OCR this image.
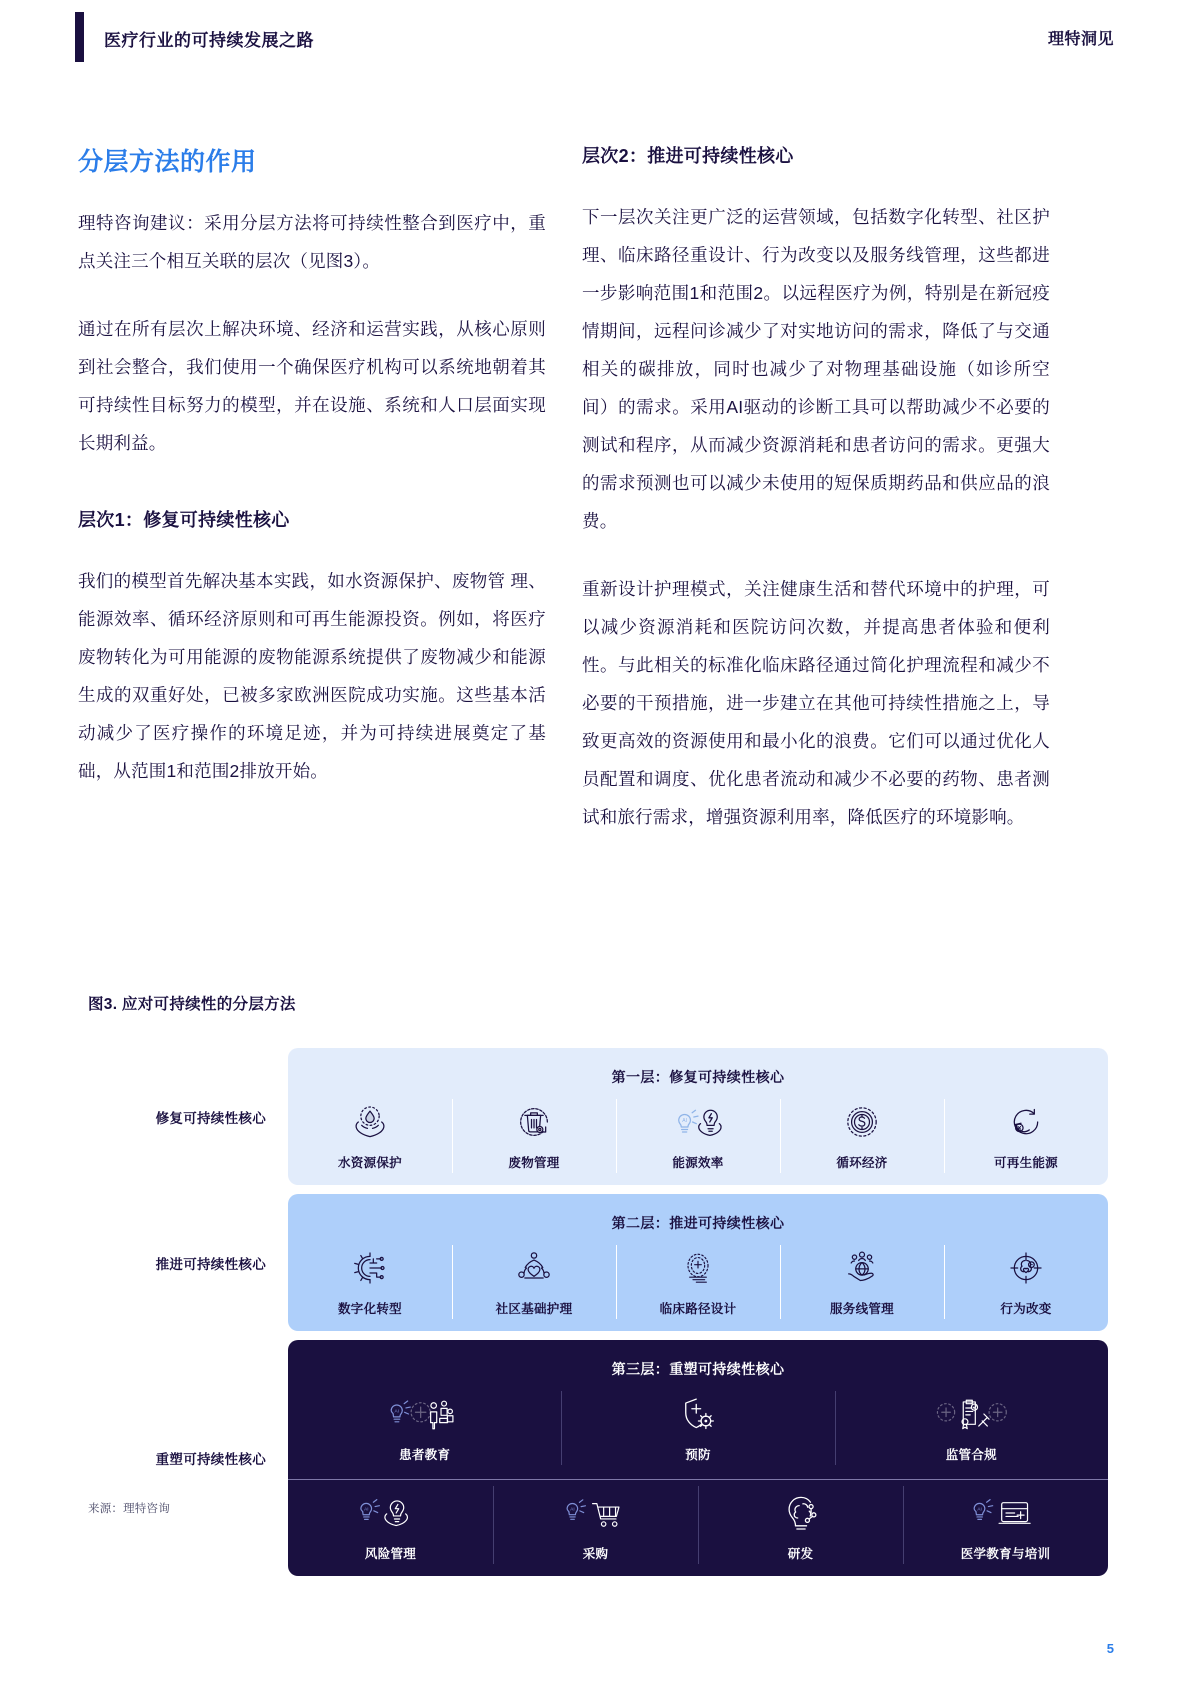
医疗行业的可持续发展之路	理特洞见
分层方法的作用

理特咨询建议：采用分层方法将可持续性整合到医疗中，重点关注三个相互关联的层次（见图3）。

通过在所有层次上解决环境、经济和运营实践，从核心原则到社会整合，我们使用一个确保医疗机构可以系统地朝着其可持续性目标努力的模型，并在设施、系统和人口层面实现长期利益。

层次1：修复可持续性核心

我们的模型首先解决基本实践，如水资源保护、废物管 理、能源效率、循环经济原则和可再生能源投资。例如，将医疗废物转化为可用能源的废物能源系统提供了废物减少和能源生成的双重好处，已被多家欧洲医院成功实施。这些基本活动减少了医疗操作的环境足迹，并为可持续进展奠定了基础，从范围1和范围2排放开始。

层次2：推进可持续性核心

下一层次关注更广泛的运营领域，包括数字化转型、社区护理、临床路径重设计、行为改变以及服务线管理，这些都进一步影响范围1和范围2。以远程医疗为例，特别是在新冠疫情期间，远程问诊减少了对实地访问的需求，降低了与交通相关的碳排放，同时也减少了对物理基础设施（如诊所空间）的需求。采用AI驱动的诊断工具可以帮助减少不必要的测试和程序，从而减少资源消耗和患者访问的需求。更强大的需求预测也可以减少未使用的短保质期药品和供应品的浪费。

重新设计护理模式，关注健康生活和替代环境中的护理，可以减少资源消耗和医院访问次数，并提高患者体验和便利性。与此相关的标准化临床路径通过简化护理流程和减少不必要的干预措施，进一步建立在其他可持续性措施之上，导致更高效的资源使用和最小化的浪费。它们可以通过优化人员配置和调度、优化患者流动和减少不必要的药物、患者测试和旅行需求，增强资源利用率，降低医疗的环境影响。

图3. 应对可持续性的分层方法
修复可持续性核心
第一层：修复可持续性核心
水资源保护	废物管理
AI
能源效率	循环经济	可再生能源
推进可持续性核心
第二层：推进可持续性核心
数字化转型	社区基础护理	临床路径设计	服务线管理	行为改变
重塑可持续性核心
第三层：重塑可持续性核心
AI
患者教育	预防	监管合规
AI
风险管理
AI
采购	研发
AI
医学教育与培训
来源：理特咨询
5
